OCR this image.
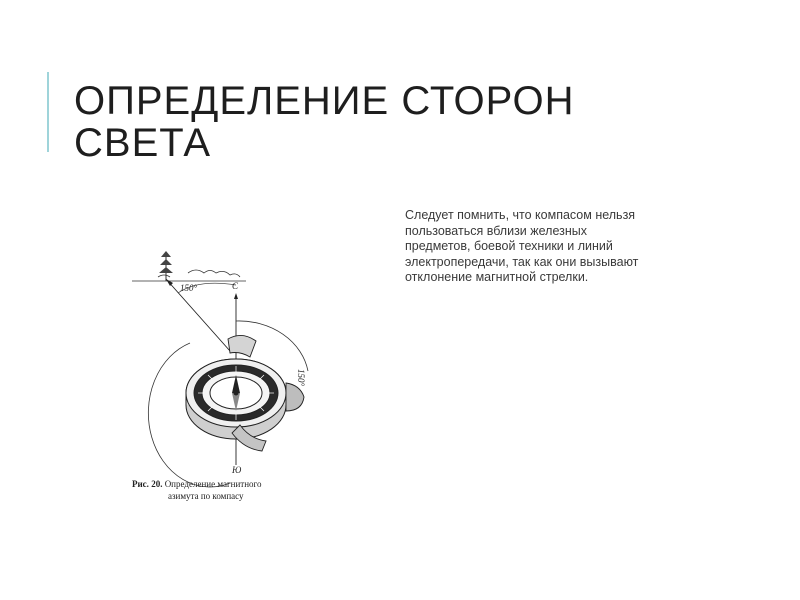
ОПРЕДЕЛЕНИЕ СТОРОН
СВЕТА

Следует помнить, что компасом нельзя
пользоваться вблизи железных
предметов, боевой техники и линий
электропередачи, так как они вызывают
отклонение магнитной стрелки.

150°	С
Ю
150°
Рис. 20. Определение магнитного
азимута по компасу
